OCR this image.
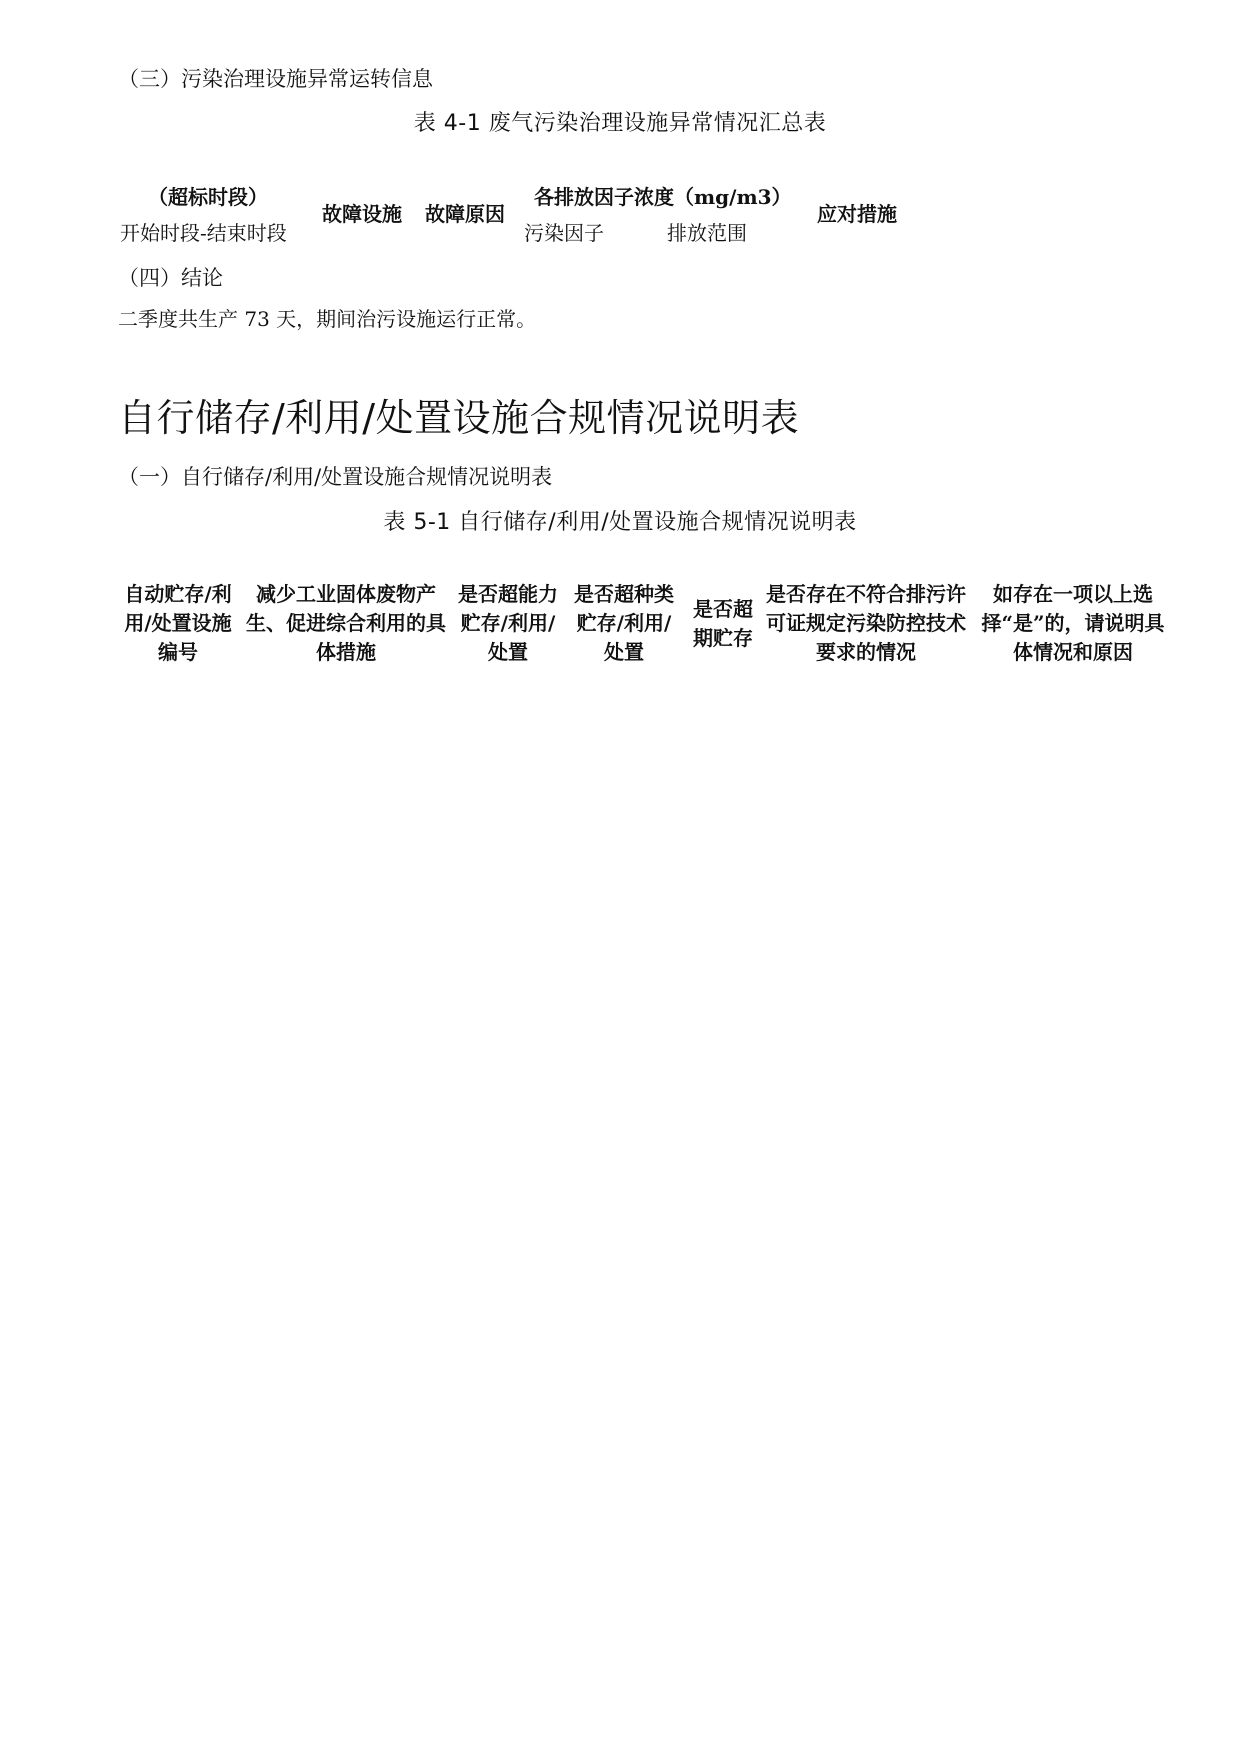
（三）污染治理设施异常运转信息
表 4-1 废气污染治理设施异常情况汇总表
（超标时段）
开始时段-结束时段
故障设施 故障原因
各排放因子浓度（mg/m3）
污染因子	排放范围
应对措施
（四）结论
二季度共生产 73 天，期间治污设施运行正常。
自行储存/利用/处置设施合规情况说明表
（一）自行储存/利用/处置设施合规情况说明表
表 5-1 自行储存/利用/处置设施合规情况说明表
自动贮存/利用/处置设施编号
减少工业固体废物产生、促进综合利用的具体措施
是否超能力贮存/利用/处置
是否超种类贮存/利用/处置
是否超期贮存
是否存在不符合排污许可证规定污染防控技术要求的情况
如存在一项以上选择“是”的，请说明具体情况和原因
